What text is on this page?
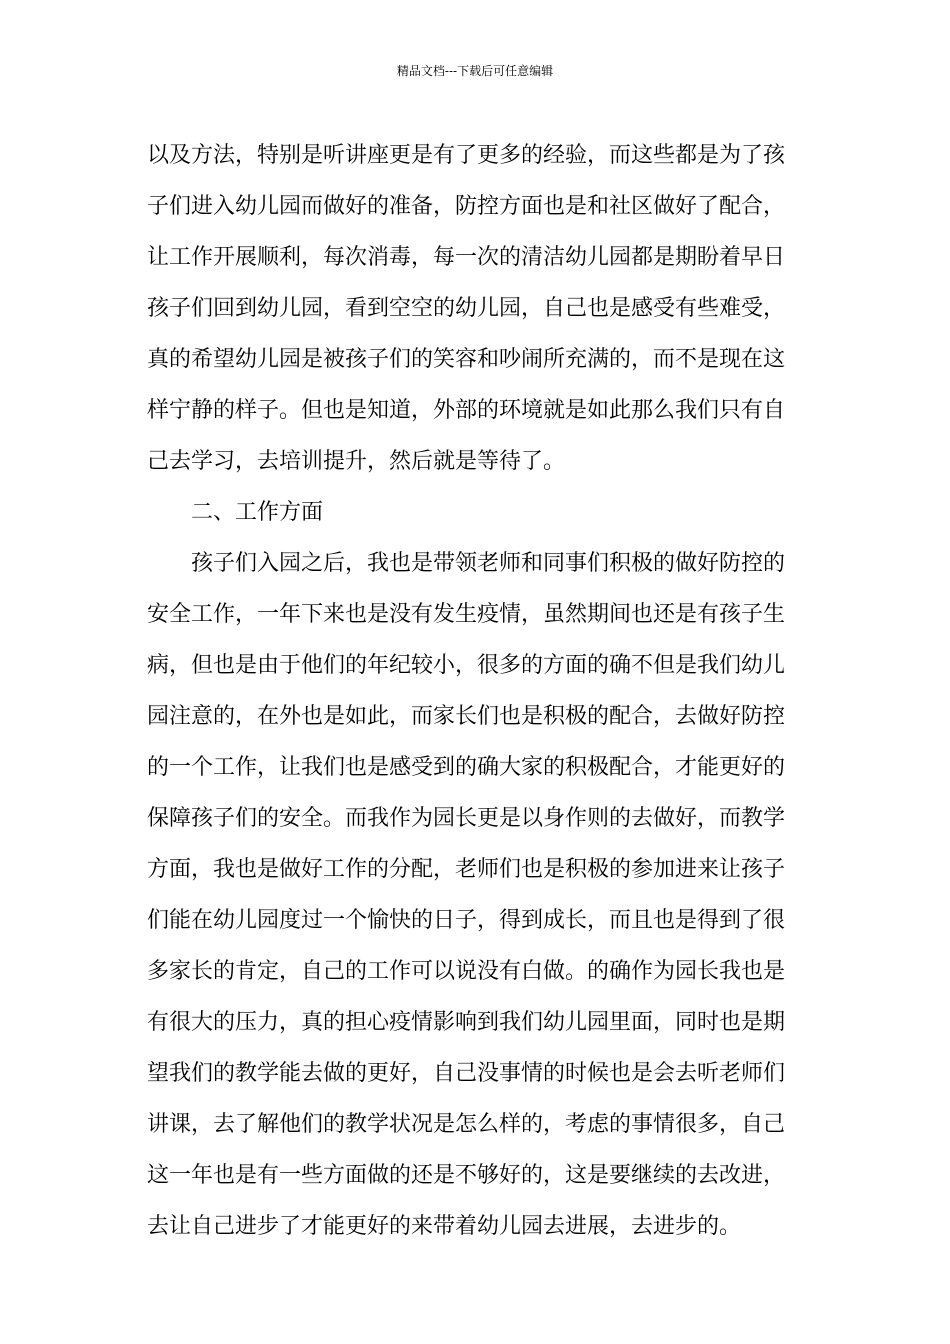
精品文档---下载后可任意编辑
以及方法，特别是听讲座更是有了更多的经验，而这些都是为了孩
子们进入幼儿园而做好的准备，防控方面也是和社区做好了配合，
让工作开展顺利，每次消毒，每一次的清洁幼儿园都是期盼着早日
孩子们回到幼儿园，看到空空的幼儿园，自己也是感受有些难受，
真的希望幼儿园是被孩子们的笑容和吵闹所充满的，而不是现在这
样宁静的样子。但也是知道，外部的环境就是如此那么我们只有自
己去学习，去培训提升，然后就是等待了。
二、工作方面
孩子们入园之后，我也是带领老师和同事们积极的做好防控的
安全工作，一年下来也是没有发生疫情，虽然期间也还是有孩子生
病，但也是由于他们的年纪较小，很多的方面的确不但是我们幼儿
园注意的，在外也是如此，而家长们也是积极的配合，去做好防控
的一个工作，让我们也是感受到的确大家的积极配合，才能更好的
保障孩子们的安全。而我作为园长更是以身作则的去做好，而教学
方面，我也是做好工作的分配，老师们也是积极的参加进来让孩子
们能在幼儿园度过一个愉快的日子，得到成长，而且也是得到了很
多家长的肯定，自己的工作可以说没有白做。的确作为园长我也是
有很大的压力，真的担心疫情影响到我们幼儿园里面，同时也是期
望我们的教学能去做的更好，自己没事情的时候也是会去听老师们
讲课，去了解他们的教学状况是怎么样的，考虑的事情很多，自己
这一年也是有一些方面做的还是不够好的，这是要继续的去改进，
去让自己进步了才能更好的来带着幼儿园去进展，去进步的。
